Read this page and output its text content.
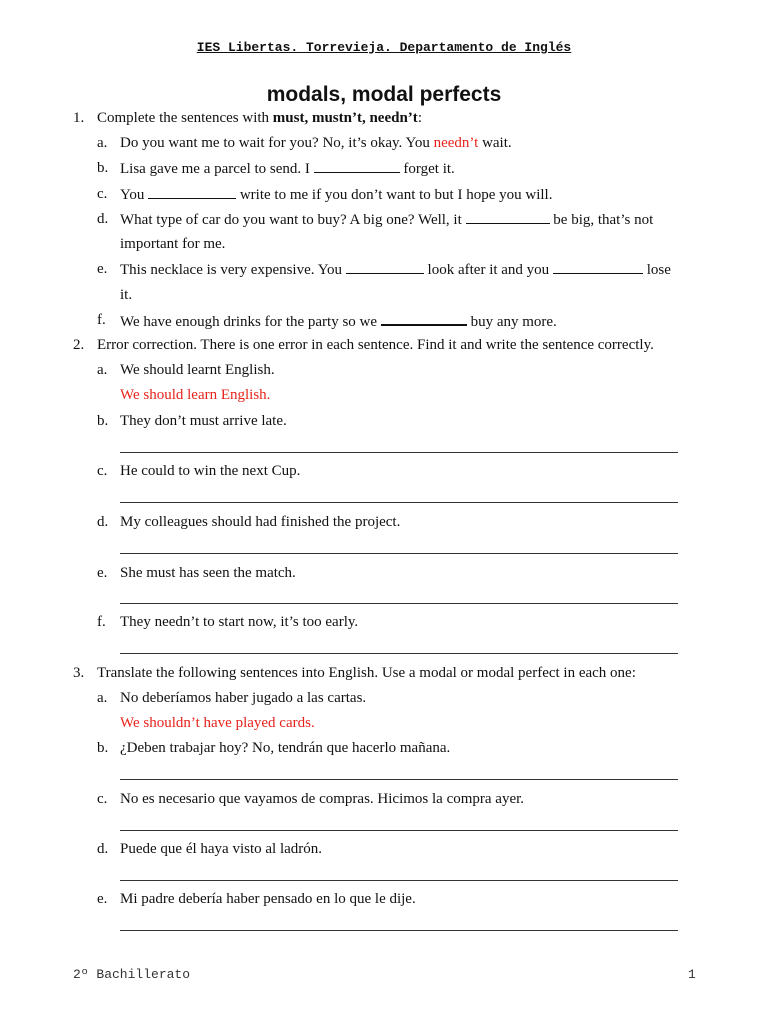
IES Libertas. Torrevieja. Departamento de Inglés
modals, modal perfects
1. Complete the sentences with must, mustn’t, needn’t:
a. Do you want me to wait for you? No, it’s okay. You needn’t wait.
b. Lisa gave me a parcel to send. I	forget it.
c. You	write to me if you don’t want to but I hope you will.
d. What type of car do you want to buy? A big one? Well, it	be big, that’s not
important for me.
e. This necklace is very expensive. You	look after it and you	lose
it.
f. We have enough drinks for the party so we	buy any more.
2. Error correction. There is one error in each sentence. Find it and write the sentence correctly.
a. We should learnt English.
We should learn English.
b. They don’t must arrive late.
c. He could to win the next Cup.
d. My colleagues should had finished the project.
e. She must has seen the match.
f. They needn’t to start now, it’s too early.
3. Translate the following sentences into English. Use a modal or modal perfect in each one:
a. No deberíamos haber jugado a las cartas.
We shouldn’t have played cards.
b. ¿Deben trabajar hoy? No, tendrán que hacerlo mañana.
c. No es necesario que vayamos de compras. Hicimos la compra ayer.
d. Puede que él haya visto al ladrón.
e. Mi padre debería haber pensado en lo que le dije.
2º Bachillerato	1
